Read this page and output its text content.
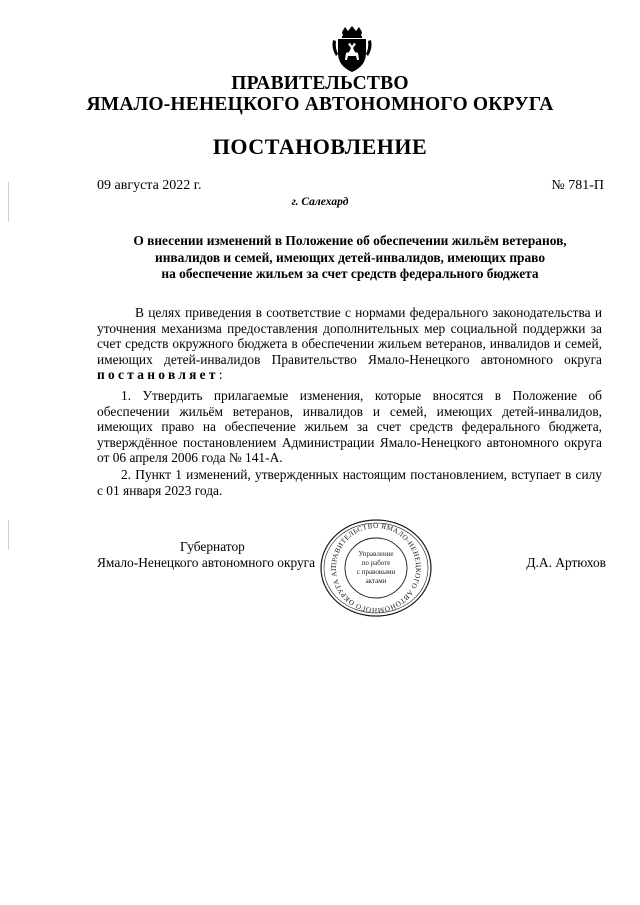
ПРАВИТЕЛЬСТВО
ЯМАЛО-НЕНЕЦКОГО АВТОНОМНОГО ОКРУГА
ПОСТАНОВЛЕНИЕ
09 августа 2022 г.	№ 781-П
г. Салехард
О внесении изменений в Положение об обеспечении жильём ветеранов,
инвалидов и семей, имеющих детей-инвалидов, имеющих право
на обеспечение жильем за счет средств федерального бюджета

В целях приведения в соответствие с нормами федерального законодательства и уточнения механизма предоставления дополнительных мер социальной поддержки за счет средств окружного бюджета в обеспечении жильем ветеранов, инвалидов и семей, имеющих детей-инвалидов Правительство Ямало-Ненецкого автономного округа постановляет:

1. Утвердить прилагаемые изменения, которые вносятся в Положение об обеспечении жильём ветеранов, инвалидов и семей, имеющих детей-инвалидов, имеющих право на обеспечение жильем за счет средств федерального бюджета, утверждённое постановлением Администрации Ямало-Ненецкого автономного округа от 06 апреля 2006 года № 141-А.

2. Пункт 1 изменений, утвержденных настоящим постановлением, вступает в силу с 01 января 2023 года.

Губернатор
Ямало-Ненецкого автономного округа	Д.А. Артюхов
ПРАВИТЕЛЬСТВО ЯМАЛО-НЕНЕЦКОГО АВТОНОМНОГО ОКРУГА АП
Управление
по работе
с правовыми
актами
